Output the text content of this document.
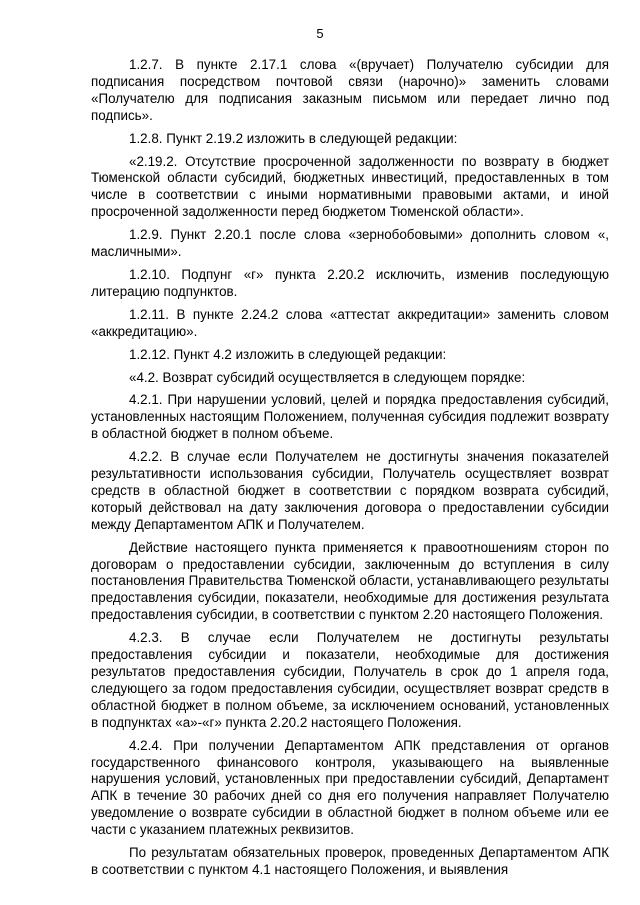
5

1.2.7. В пункте 2.17.1 слова «(вручает) Получателю субсидии для подписания посредством почтовой связи (нарочно)» заменить словами «Получателю для подписания заказным письмом или передает лично под подпись».

1.2.8. Пункт 2.19.2 изложить в следующей редакции:

«2.19.2. Отсутствие просроченной задолженности по возврату в бюджет Тюменской области субсидий, бюджетных инвестиций, предоставленных в том числе в соответствии с иными нормативными правовыми актами, и иной просроченной задолженности перед бюджетом Тюменской области».

1.2.9. Пункт 2.20.1 после слова «зернобобовыми» дополнить словом «, масличными».

1.2.10. Подпунг «г» пункта 2.20.2 исключить, изменив последующую литерацию подпунктов.

1.2.11. В пункте 2.24.2 слова «аттестат аккредитации» заменить словом «аккредитацию».

1.2.12. Пункт 4.2 изложить в следующей редакции:

«4.2. Возврат субсидий осуществляется в следующем порядке:

4.2.1. При нарушении условий, целей и порядка предоставления субсидий, установленных настоящим Положением, полученная субсидия подлежит возврату в областной бюджет в полном объеме.

4.2.2. В случае если Получателем не достигнуты значения показателей результативности использования субсидии, Получатель осуществляет возврат средств в областной бюджет в соответствии с порядком возврата субсидий, который действовал на дату заключения договора о предоставлении субсидии между Департаментом АПК и Получателем.

Действие настоящего пункта применяется к правоотношениям сторон по договорам о предоставлении субсидии, заключенным до вступления в силу постановления Правительства Тюменской области, устанавливающего результаты предоставления субсидии, показатели, необходимые для достижения результата предоставления субсидии, в соответствии с пунктом 2.20 настоящего Положения.

4.2.3. В случае если Получателем не достигнуты результаты предоставления субсидии и показатели, необходимые для достижения результатов предоставления субсидии, Получатель в срок до 1 апреля года, следующего за годом предоставления субсидии, осуществляет возврат средств в областной бюджет в полном объеме, за исключением оснований, установленных в подпунктах «а»-«г» пункта 2.20.2 настоящего Положения.

4.2.4. При получении Департаментом АПК представления от органов государственного финансового контроля, указывающего на выявленные нарушения условий, установленных при предоставлении субсидий, Департамент АПК в течение 30 рабочих дней со дня его получения направляет Получателю уведомление о возврате субсидии в областной бюджет в полном объеме или ее части с указанием платежных реквизитов.

По результатам обязательных проверок, проведенных Департаментом АПК в соответствии с пунктом 4.1 настоящего Положения, и выявления
